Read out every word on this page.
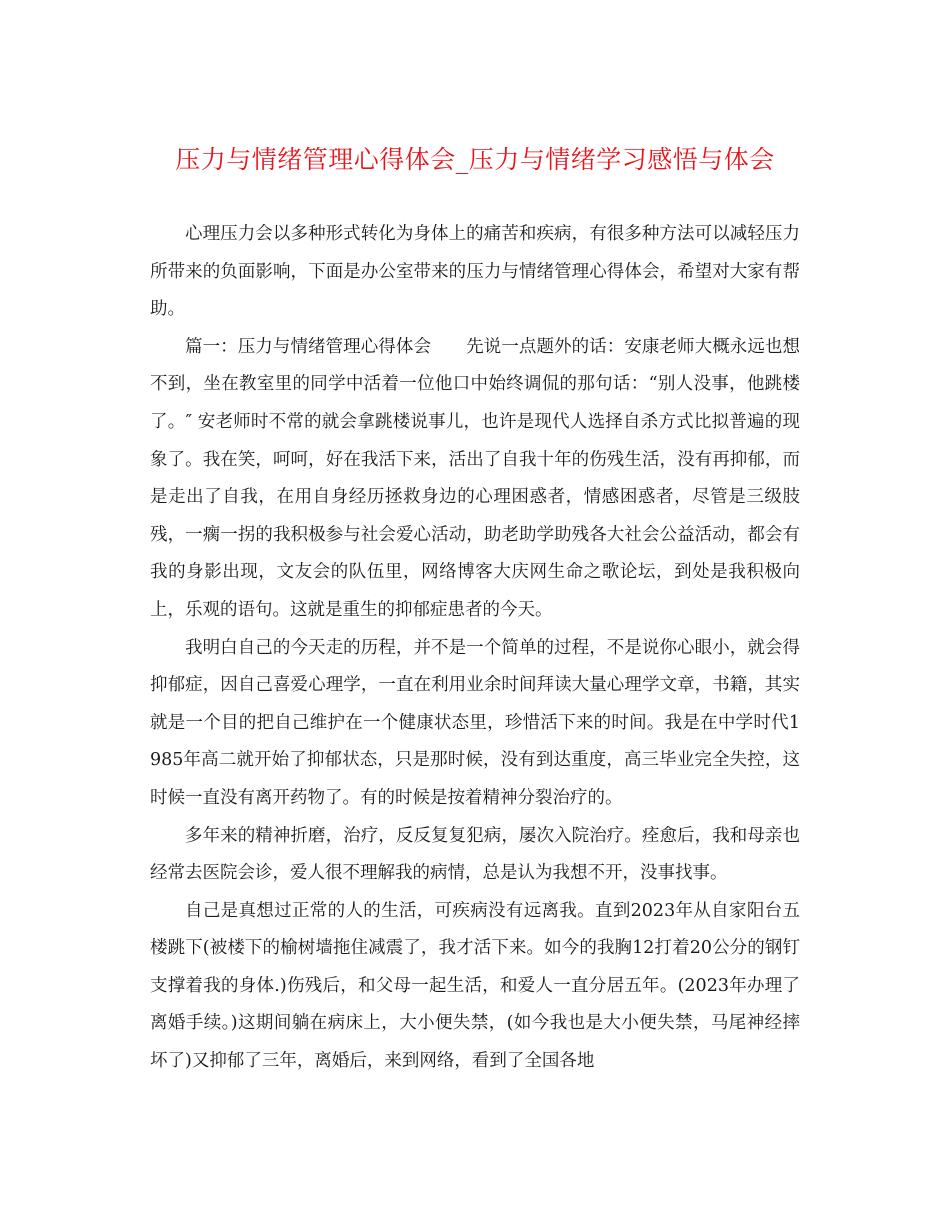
压力与情绪管理心得体会_压力与情绪学习感悟与体会

心理压力会以多种形式转化为身体上的痛苦和疾病，有很多种方法可以减轻压力所带来的负面影响，下面是办公室带来的压力与情绪管理心得体会，希望对大家有帮助。

篇一：压力与情绪管理心得体会　　先说一点题外的话：安康老师大概永远也想不到，坐在教室里的同学中活着一位他口中始终调侃的那句话：“别人没事，他跳楼了。″ 安老师时不常的就会拿跳楼说事儿，也许是现代人选择自杀方式比拟普遍的现象了。我在笑，呵呵，好在我活下来，活出了自我十年的伤残生活，没有再抑郁，而是走出了自我，在用自身经历拯救身边的心理困惑者，情感困惑者，尽管是三级肢残，一瘸一拐的我积极参与社会爱心活动，助老助学助残各大社会公益活动，都会有我的身影出现，文友会的队伍里，网络博客大庆网生命之歌论坛，到处是我积极向上，乐观的语句。这就是重生的抑郁症患者的今天。

我明白自己的今天走的历程，并不是一个简单的过程，不是说你心眼小，就会得抑郁症，因自己喜爱心理学，一直在利用业余时间拜读大量心理学文章，书籍，其实就是一个目的把自己维护在一个健康状态里，珍惜活下来的时间。我是在中学时代1985年高二就开始了抑郁状态，只是那时候，没有到达重度，高三毕业完全失控，这时候一直没有离开药物了。有的时候是按着精神分裂治疗的。

多年来的精神折磨，治疗，反反复复犯病，屡次入院治疗。痊愈后，我和母亲也经常去医院会诊，爱人很不理解我的病情，总是认为我想不开，没事找事。

自己是真想过正常的人的生活，可疾病没有远离我。直到2023年从自家阳台五楼跳下(被楼下的榆树墙拖住减震了，我才活下来。如今的我胸12打着20公分的钢钉支撑着我的身体.)伤残后，和父母一起生活，和爱人一直分居五年。(2023年办理了离婚手续。)这期间躺在病床上，大小便失禁，(如今我也是大小便失禁，马尾神经摔坏了)又抑郁了三年，离婚后，来到网络，看到了全国各地
